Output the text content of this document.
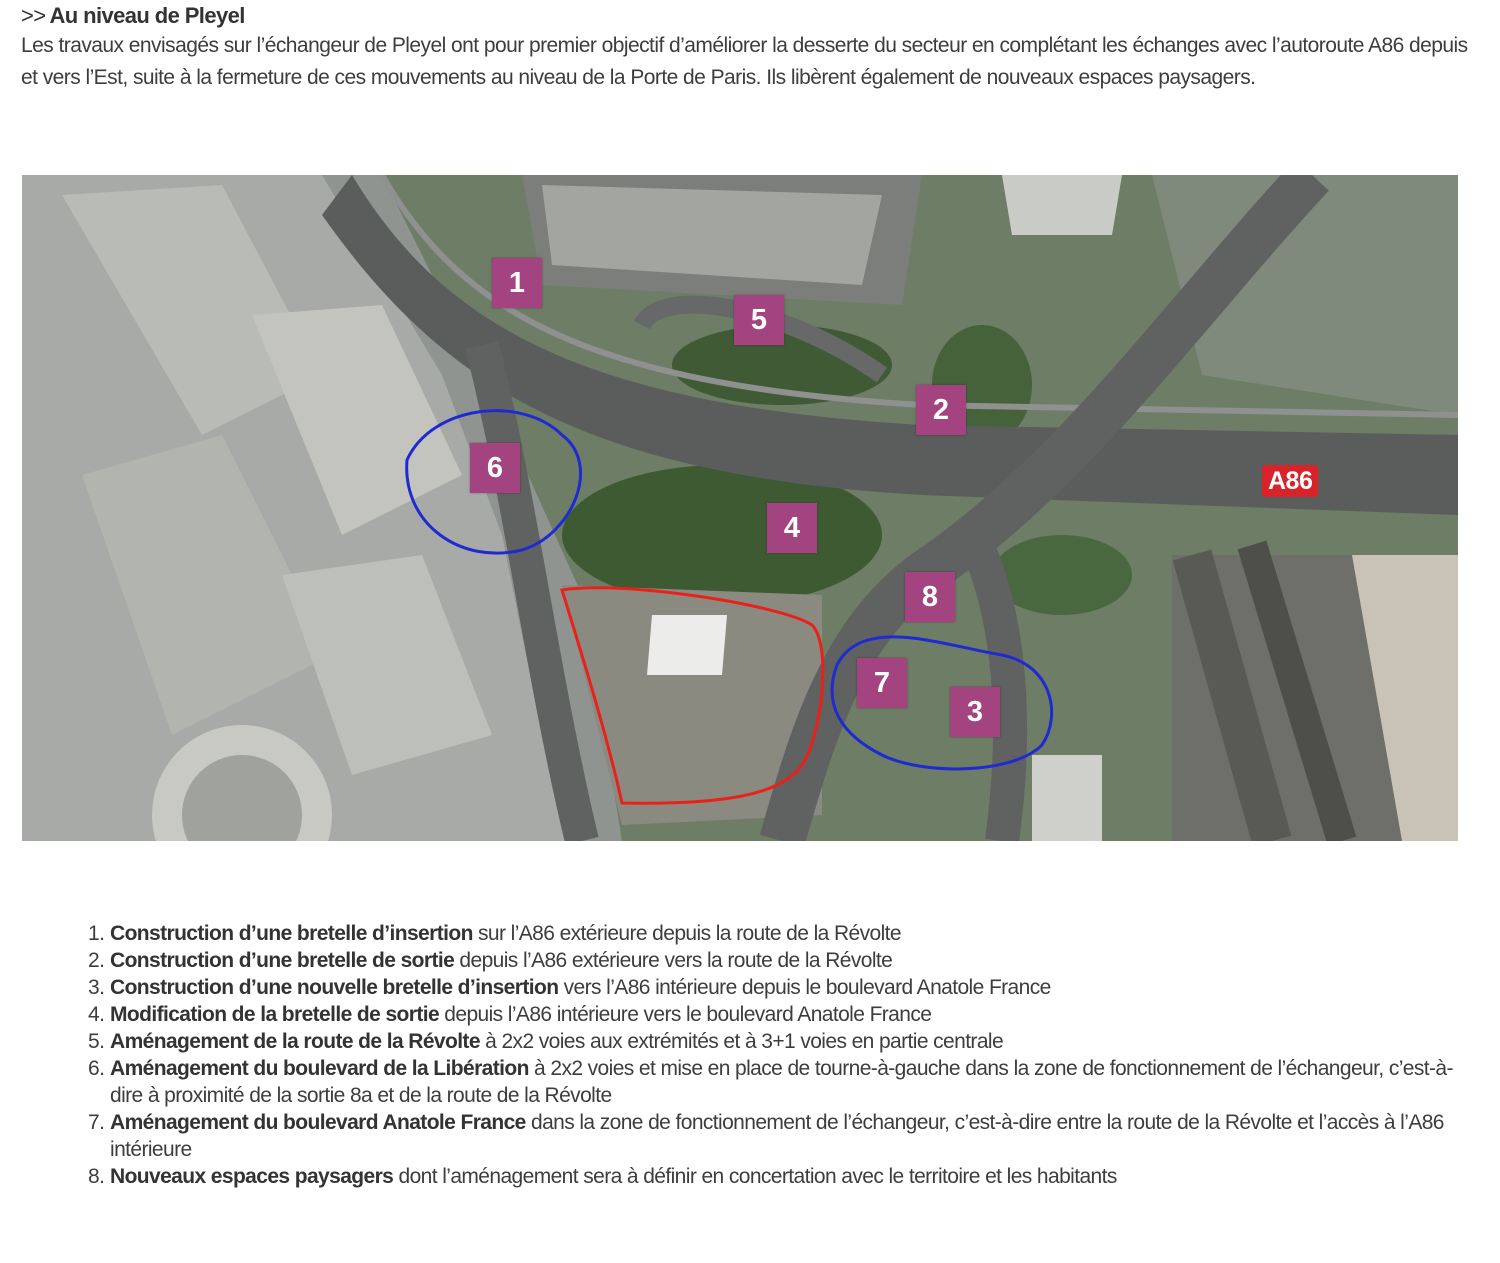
>> Au niveau de Pleyel

Les travaux envisagés sur l’échangeur de Pleyel ont pour premier objectif d’améliorer la desserte du secteur en complétant les échanges avec l’autoroute A86 depuis et vers l’Est, suite à la fermeture de ces mouvements au niveau de la Porte de Paris. Ils libèrent également de nouveaux espaces paysagers.

1
2
3
4
5
6
7
8
A86
1. Construction d’une bretelle d’insertion sur l’A86 extérieure depuis la route de la Révolte
2. Construction d’une bretelle de sortie depuis l’A86 extérieure vers la route de la Révolte
3. Construction d’une nouvelle bretelle d’insertion vers l’A86 intérieure depuis le boulevard Anatole France
4. Modification de la bretelle de sortie depuis l’A86 intérieure vers le boulevard Anatole France
5. Aménagement de la route de la Révolte à 2x2 voies aux extrémités et à 3+1 voies en partie centrale
6. Aménagement du boulevard de la Libération à 2x2 voies et mise en place de tourne-à-gauche dans la zone de fonctionnement de l’échangeur, c’est-à-dire à proximité de la sortie 8a et de la route de la Révolte
7. Aménagement du boulevard Anatole France dans la zone de fonctionnement de l’échangeur, c’est-à-dire entre la route de la Révolte et l’accès à l’A86 intérieure
8. Nouveaux espaces paysagers dont l’aménagement sera à définir en concertation avec le territoire et les habitants
